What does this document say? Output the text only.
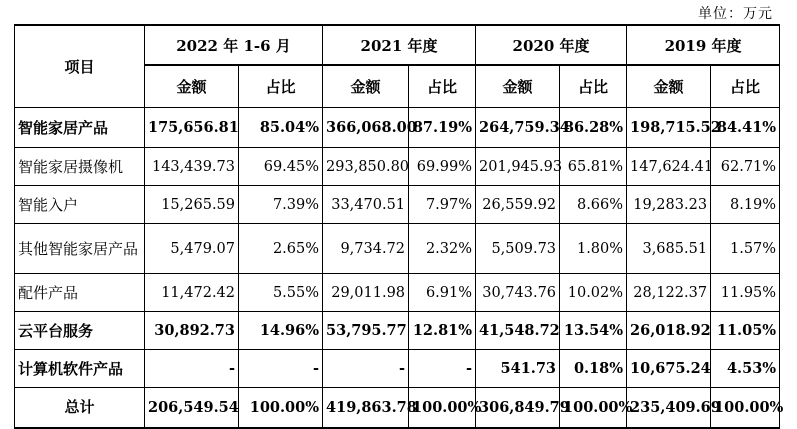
单位：万元
项目	2022 年 1-6 月		2021 年度		2020 年度		2019 年度	
	金额	占比	金额	占比	金额	占比	金额	占比
智能家居产品	175,656.81	85.04%	366,068.00	87.19%	264,759.34	86.28%	198,715.52	84.41%
智能家居摄像机	143,439.73	69.45%	293,850.80	69.99%	201,945.93	65.81%	147,624.41	62.71%
智能入户	15,265.59	7.39%	33,470.51	7.97%	26,559.92	8.66%	19,283.23	8.19%
其他智能家居产品	5,479.07	2.65%	9,734.72	2.32%	5,509.73	1.80%	3,685.51	1.57%
配件产品	11,472.42	5.55%	29,011.98	6.91%	30,743.76	10.02%	28,122.37	11.95%
云平台服务	30,892.73	14.96%	53,795.77	12.81%	41,548.72	13.54%	26,018.92	11.05%
计算机软件产品	-	-	-	-	541.73	0.18%	10,675.24	4.53%
总计	206,549.54	100.00%	419,863.78	100.00%	306,849.79	100.00%	235,409.69	100.00%
